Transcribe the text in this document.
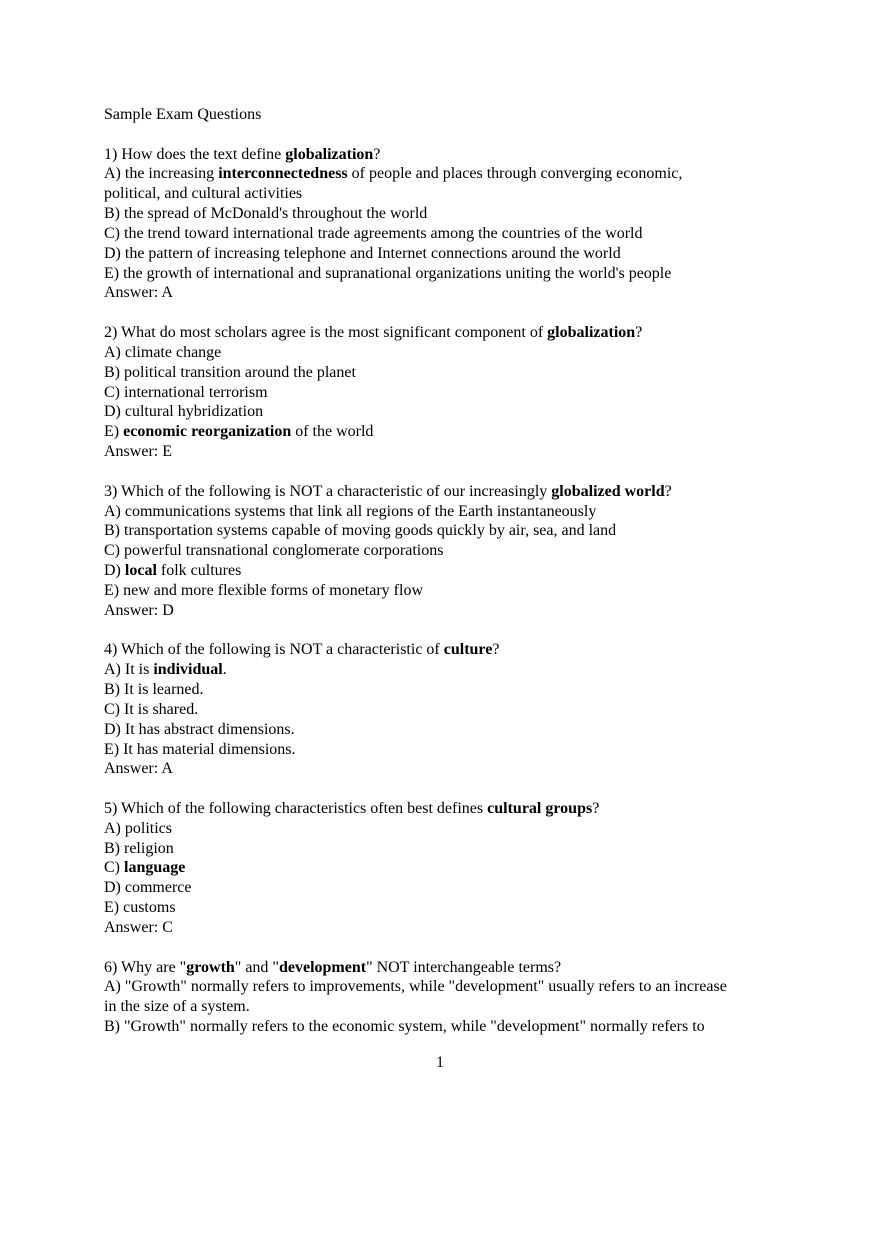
Sample Exam Questions
1) How does the text define globalization?
A) the increasing interconnectedness of people and places through converging economic,
political, and cultural activities
B) the spread of McDonald's throughout the world
C) the trend toward international trade agreements among the countries of the world
D) the pattern of increasing telephone and Internet connections around the world
E) the growth of international and supranational organizations uniting the world's people
Answer: A
2) What do most scholars agree is the most significant component of globalization?
A) climate change
B) political transition around the planet
C) international terrorism
D) cultural hybridization
E) economic reorganization of the world
Answer: E
3) Which of the following is NOT a characteristic of our increasingly globalized world?
A) communications systems that link all regions of the Earth instantaneously
B) transportation systems capable of moving goods quickly by air, sea, and land
C) powerful transnational conglomerate corporations
D) local folk cultures
E) new and more flexible forms of monetary flow
Answer: D
4) Which of the following is NOT a characteristic of culture?
A) It is individual.
B) It is learned.
C) It is shared.
D) It has abstract dimensions.
E) It has material dimensions.
Answer: A
5) Which of the following characteristics often best defines cultural groups?
A) politics
B) religion
C) language
D) commerce
E) customs
Answer: C
6) Why are "growth" and "development" NOT interchangeable terms?
A) "Growth" normally refers to improvements, while "development" usually refers to an increase
in the size of a system.
B) "Growth" normally refers to the economic system, while "development" normally refers to
1
